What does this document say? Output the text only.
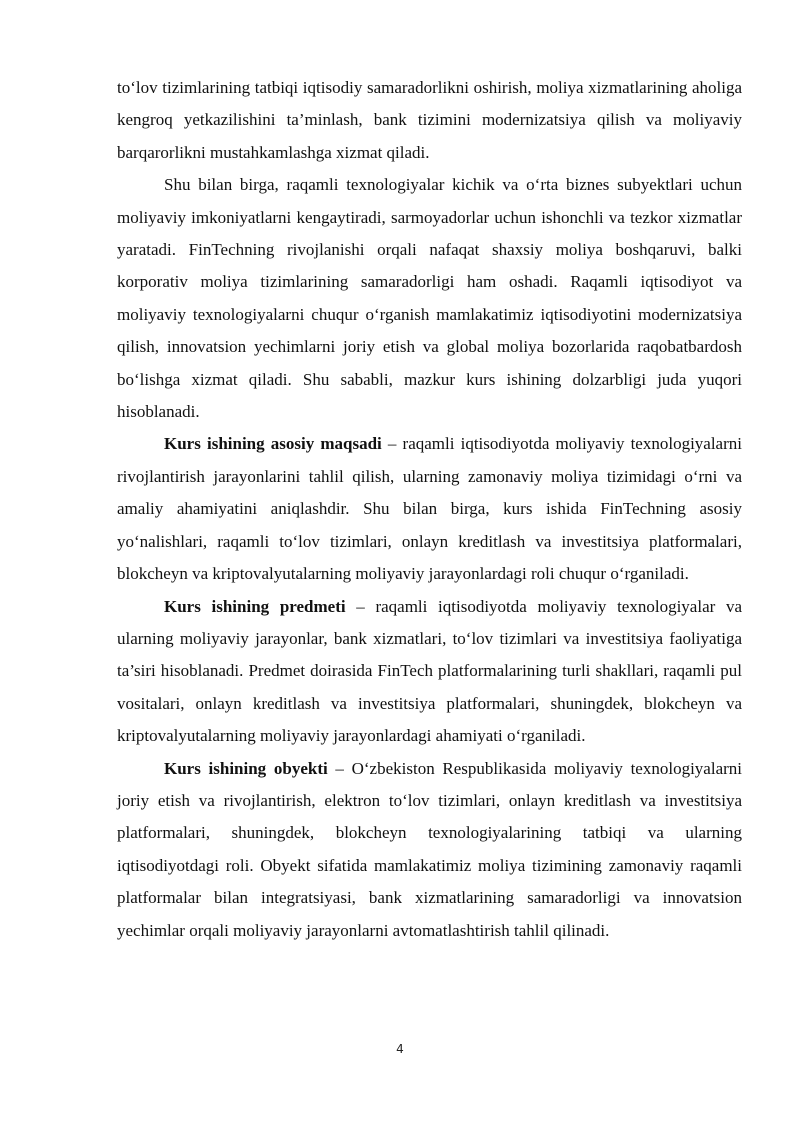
to‘lov tizimlarining tatbiqi iqtisodiy samaradorlikni oshirish, moliya xizmatlarining aholiga kengroq yetkazilishini ta’minlash, bank tizimini modernizatsiya qilish va moliyaviy barqarorlikni mustahkamlashga xizmat qiladi.

Shu bilan birga, raqamli texnologiyalar kichik va o‘rta biznes subyektlari uchun moliyaviy imkoniyatlarni kengaytiradi, sarmoyadorlar uchun ishonchli va tezkor xizmatlar yaratadi. FinTechning rivojlanishi orqali nafaqat shaxsiy moliya boshqaruvi, balki korporativ moliya tizimlarining samaradorligi ham oshadi. Raqamli iqtisodiyot va moliyaviy texnologiyalarni chuqur o‘rganish mamlakatimiz iqtisodiyotini modernizatsiya qilish, innovatsion yechimlarni joriy etish va global moliya bozorlarida raqobatbardosh bo‘lishga xizmat qiladi. Shu sababli, mazkur kurs ishining dolzarbligi juda yuqori hisoblanadi.

Kurs ishining asosiy maqsadi – raqamli iqtisodiyotda moliyaviy texnologiyalarni rivojlantirish jarayonlarini tahlil qilish, ularning zamonaviy moliya tizimidagi o‘rni va amaliy ahamiyatini aniqlashdir. Shu bilan birga, kurs ishida FinTechning asosiy yo‘nalishlari, raqamli to‘lov tizimlari, onlayn kreditlash va investitsiya platformalari, blokcheyn va kriptovalyutalarning moliyaviy jarayonlardagi roli chuqur o‘rganiladi.

Kurs ishining predmeti – raqamli iqtisodiyotda moliyaviy texnologiyalar va ularning moliyaviy jarayonlar, bank xizmatlari, to‘lov tizimlari va investitsiya faoliyatiga ta’siri hisoblanadi. Predmet doirasida FinTech platformalarining turli shakllari, raqamli pul vositalari, onlayn kreditlash va investitsiya platformalari, shuningdek, blokcheyn va kriptovalyutalarning moliyaviy jarayonlardagi ahamiyati o‘rganiladi.

Kurs ishining obyekti – O‘zbekiston Respublikasida moliyaviy texnologiyalarni joriy etish va rivojlantirish, elektron to‘lov tizimlari, onlayn kreditlash va investitsiya platformalari, shuningdek, blokcheyn texnologiyalarining tatbiqi va ularning iqtisodiyotdagi roli. Obyekt sifatida mamlakatimiz moliya tizimining zamonaviy raqamli platformalar bilan integratsiyasi, bank xizmatlarining samaradorligi va innovatsion yechimlar orqali moliyaviy jarayonlarni avtomatlashtirish tahlil qilinadi.

4
